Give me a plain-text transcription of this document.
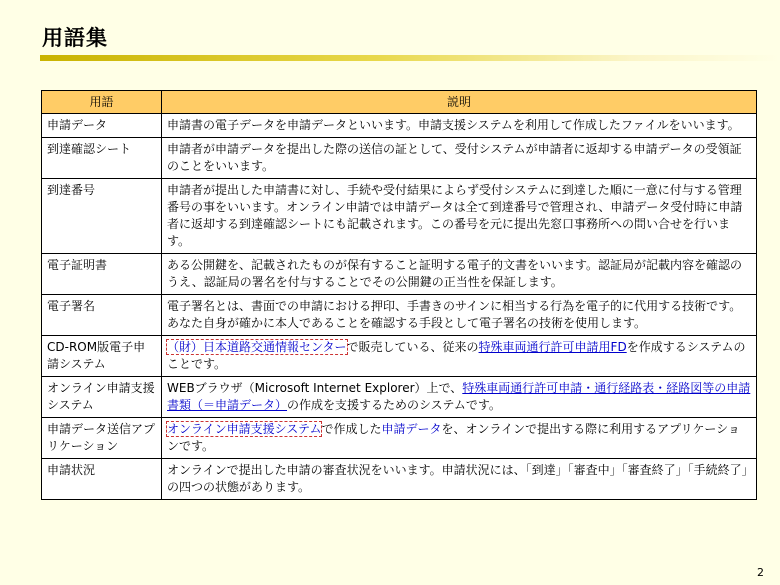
用語集
用語	説明
申請データ	申請書の電子データを申請データといいます。申請支援システムを利用して作成したファイルをいいます。
到達確認シート	申請者が申請データを提出した際の送信の証として、受付システムが申請者に返却する申請データの受領証のことをいいます。
到達番号	申請者が提出した申請書に対し、手続や受付結果によらず受付システムに到達した順に一意に付与する管理番号の事をいいます。オンライン申請では申請データは全て到達番号で管理され、申請データ受付時に申請者に返却する到達確認シートにも記載されます。この番号を元に提出先窓口事務所への問い合せを行います。
電子証明書	ある公開鍵を、記載されたものが保有すること証明する電子的文書をいいます。認証局が記載内容を確認のうえ、認証局の署名を付与することでその公開鍵の正当性を保証します。
電子署名	電子署名とは、書面での申請における押印、手書きのサインに相当する行為を電子的に代用する技術です。あなた自身が確かに本人であることを確認する手段として電子署名の技術を使用します。
CD-ROM版電子申請システム	（財）日本道路交通情報センターで販売している、従来の特殊車両通行許可申請用FDを作成するシステムのことです。
オンライン申請支援システム	WEBブラウザ（Microsoft Internet Explorer）上で、特殊車両通行許可申請・通行経路表・経路図等の申請書類（＝申請データ）の作成を支援するためのシステムです。
申請データ送信アプリケーション	オンライン申請支援システムで作成した申請データを、オンラインで提出する際に利用するアプリケーションです。
申請状況	オンラインで提出した申請の審査状況をいいます。申請状況には、「到達」「審査中」「審査終了」「手続終了」の四つの状態があります。
2
